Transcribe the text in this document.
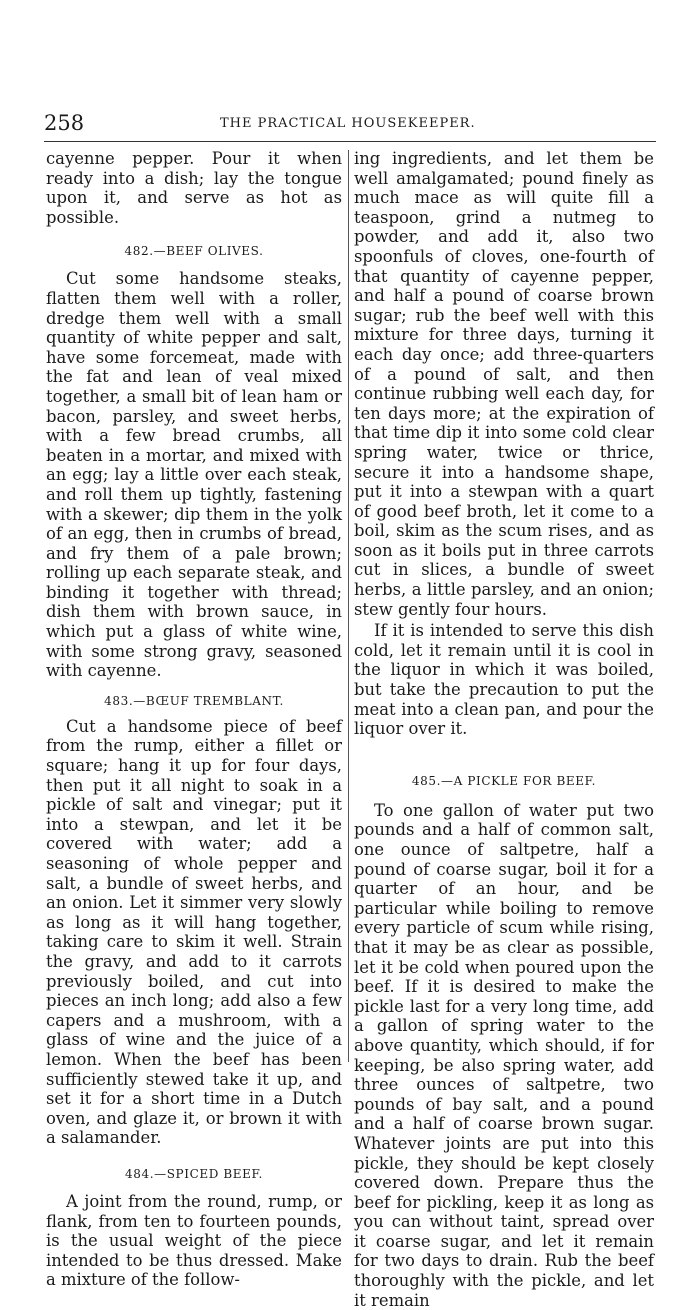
258	THE PRACTICAL HOUSEKEEPER.

cayenne pepper. Pour it when ready into a dish; lay the tongue upon it, and serve as hot as possible.

482.—BEEF OLIVES.

Cut some handsome steaks, flatten them well with a roller, dredge them well with a small quantity of white pepper and salt, have some forcemeat, made with the fat and lean of veal mixed together, a small bit of lean ham or bacon, parsley, and sweet herbs, with a few bread crumbs, all beaten in a mortar, and mixed with an egg; lay a little over each steak, and roll them up tightly, fastening with a skewer; dip them in the yolk of an egg, then in crumbs of bread, and fry them of a pale brown; rolling up each separate steak, and binding it together with thread; dish them with brown sauce, in which put a glass of white wine, with some strong gravy, seasoned with cayenne.

483.—BŒUF TREMBLANT.

Cut a handsome piece of beef from the rump, either a fillet or square; hang it up for four days, then put it all night to soak in a pickle of salt and vinegar; put it into a stewpan, and let it be covered with water; add a seasoning of whole pepper and salt, a bundle of sweet herbs, and an onion. Let it simmer very slowly as long as it will hang together, taking care to skim it well. Strain the gravy, and add to it carrots previously boiled, and cut into pieces an inch long; add also a few capers and a mushroom, with a glass of wine and the juice of a lemon. When the beef has been sufficiently stewed take it up, and set it for a short time in a Dutch oven, and glaze it, or brown it with a salamander.

484.—SPICED BEEF.

A joint from the round, rump, or flank, from ten to fourteen pounds, is the usual weight of the piece intended to be thus dressed. Make a mixture of the follow-

ing ingredients, and let them be well amalgamated; pound finely as much mace as will quite fill a teaspoon, grind a nutmeg to powder, and add it, also two spoonfuls of cloves, one-fourth of that quantity of cayenne pepper, and half a pound of coarse brown sugar; rub the beef well with this mixture for three days, turning it each day once; add three-quarters of a pound of salt, and then continue rubbing well each day, for ten days more; at the expiration of that time dip it into some cold clear spring water, twice or thrice, secure it into a handsome shape, put it into a stewpan with a quart of good beef broth, let it come to a boil, skim as the scum rises, and as soon as it boils put in three carrots cut in slices, a bundle of sweet herbs, a little parsley, and an onion; stew gently four hours.

If it is intended to serve this dish cold, let it remain until it is cool in the liquor in which it was boiled, but take the precaution to put the meat into a clean pan, and pour the liquor over it.

485.—A PICKLE FOR BEEF.

To one gallon of water put two pounds and a half of common salt, one ounce of saltpetre, half a pound of coarse sugar, boil it for a quarter of an hour, and be particular while boiling to remove every particle of scum while rising, that it may be as clear as possible, let it be cold when poured upon the beef. If it is desired to make the pickle last for a very long time, add a gallon of spring water to the above quantity, which should, if for keeping, be also spring water, add three ounces of saltpetre, two pounds of bay salt, and a pound and a half of coarse brown sugar. Whatever joints are put into this pickle, they should be kept closely covered down. Prepare thus the beef for pickling, keep it as long as you can without taint, spread over it coarse sugar, and let it remain for two days to drain. Rub the beef thoroughly with the pickle, and let it remain
